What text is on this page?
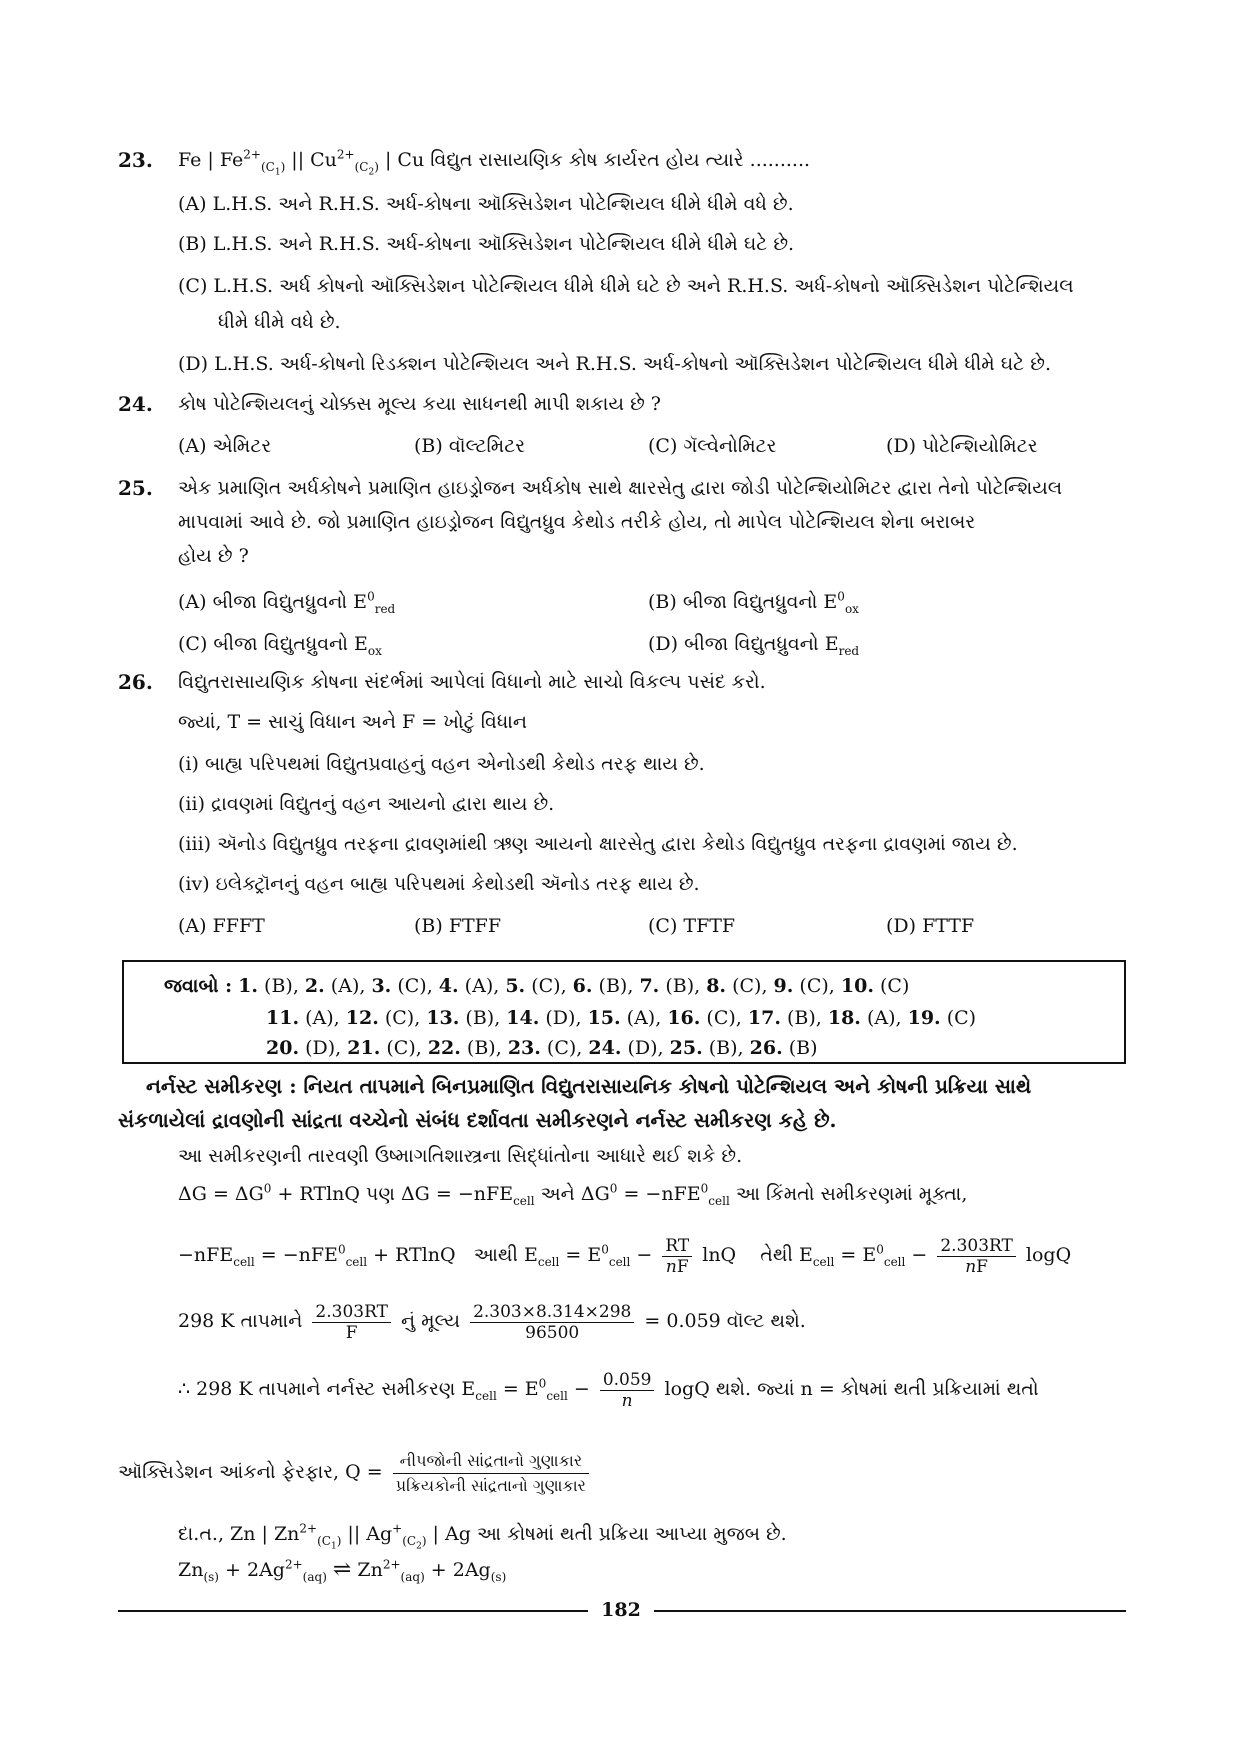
23. Fe | $Fe^{2+}_{(C_1)}$ || $Cu^{2+}_{(C_2)}$ | Cu વિદ્યુત રાસાયણિક કોષ કાર્યરત હોય ત્યારે ..........
(A) L.H.S. અને R.H.S. અર્ધ-કોષના ઑક્સિડેશન પોટેન્શિયલ ધીમે ધીમે વધે છે.
(B) L.H.S. અને R.H.S. અર્ધ-કોષના ઑક્સિડેશન પોટેન્શિયલ ધીમે ધીમે ઘટે છે.
(C) L.H.S. અર્ધ કોષનો ઑક્સિડેશન પોટેન્શિયલ ધીમે ધીમે ઘટે છે અને R.H.S. અર્ધ-કોષનો ઑક્સિડેશન પોટેન્શિયલ
ધીમે ધીમે વધે છે.
(D) L.H.S. અર્ધ-કોષનો રિડક્શન પોટેન્શિયલ અને R.H.S. અર્ધ-કોષનો ઑક્સિડેશન પોટેન્શિયલ ધીમે ધીમે ઘટે છે.
24. કોષ પોટેન્શિયલનું ચોક્કસ મૂલ્ય કયા સાધનથી માપી શકાય છે ?
(A) એમિટર	(B) વૉલ્ટમિટર	(C) ગૅલ્વેનોમિટર	(D) પોટેન્શિયોમિટર
25. એક પ્રમાણિત અર્ધકોષને પ્રમાણિત હાઇડ્રોજન અર્ધકોષ સાથે ક્ષારસેતુ દ્વારા જોડી પોટેન્શિયોમિટર દ્વારા તેનો પોટેન્શિયલ
માપવામાં આવે છે. જો પ્રમાણિત હાઇડ્રોજન વિદ્યુતધ્રુવ કેથોડ તરીકે હોય, તો માપેલ પોટેન્શિયલ શેના બરાબર
હોય છે ?
(A) બીજા વિદ્યુતધ્રુવનો $E^0_{red}$	(B) બીજા વિદ્યુતધ્રુવનો $E^0_{ox}$
(C) બીજા વિદ્યુતધ્રુવનો $E_{ox}$	(D) બીજા વિદ્યુતધ્રુવનો $E_{red}$
26. વિદ્યુતરાસાયણિક કોષના સંદર્ભમાં આપેલાં વિધાનો માટે સાચો વિકલ્પ પસંદ કરો.
જ્યાં, T = સાચું વિધાન અને F = ખોટું વિધાન
(i) બાહ્ય પરિપથમાં વિદ્યુતપ્રવાહનું વહન એનોડથી કેથોડ તરફ થાય છે.
(ii) દ્રાવણમાં વિદ્યુતનું વહન આયનો દ્વારા થાય છે.
(iii) ઍનોડ વિદ્યુતધ્રુવ તરફના દ્રાવણમાંથી ઋણ આયનો ક્ષારસેતુ દ્વારા કેથોડ વિદ્યુતધ્રુવ તરફના દ્રાવણમાં જાય છે.
(iv) ઇલેક્ટ્રૉનનું વહન બાહ્ય પરિપથમાં કેથોડથી ઍનોડ તરફ થાય છે.
(A) FFFT	(B) FTFF	(C) TFTF	(D) FTTF
જવાબો : 1. (B), 2. (A), 3. (C), 4. (A), 5. (C), 6. (B), 7. (B), 8. (C), 9. (C), 10. (C)
11. (A), 12. (C), 13. (B), 14. (D), 15. (A), 16. (C), 17. (B), 18. (A), 19. (C)
20. (D), 21. (C), 22. (B), 23. (C), 24. (D), 25. (B), 26. (B)
નર્નસ્ટ સમીકરણ : નિયત તાપમાને બિનપ્રમાણિત વિદ્યુતરાસાયનિક કોષનો પોટેન્શિયલ અને કોષની પ્રક્રિયા સાથે
સંકળાયેલાં દ્રાવણોની સાંદ્રતા વચ્ચેનો સંબંધ દર્શાવતા સમીકરણને નર્નસ્ટ સમીકરણ કહે છે.
આ સમીકરણની તારવણી ઉષ્માગતિશાસ્ત્રના સિદ્ધાંતોના આધારે થઈ શકે છે.
$\Delta G = \Delta G^0 + RTlnQ$ પણ ΔG = −nFE$_{cell}$ અને $\Delta G^0 = -nFE^0_{cell}$ આ કિંમતો સમીકરણમાં મૂક્તા,
−nFE$_{cell}$ = −nFE$^0_{cell}$ + RTlnQ   આથી $E_{cell} = E^0_{cell} - \frac{RT}{nF}$ lnQ    તેથી $E_{cell} = E^0_{cell} - \frac{2.303RT}{nF}$ logQ
298 K તાપમાને $\frac{2.303RT}{F}$ નું મૂલ્ય $\frac{2.303\times 8.314\times 298}{96500} = 0.059$ વૉલ્ટ થશે.
∴ 298 K તાપમાને નર્નસ્ટ સમીકરણ $E_{cell} = E^0_{cell} - \frac{0.059}{n}$ logQ થશે. જ્યાં n = કોષમાં થતી પ્રક્રિયામાં થતો
ઑક્સિડેશન આંકનો ફેરફાર, $Q = \frac{\text{નીપજોની સાંદ્રતાનો ગુણાકાર}}{\text{પ્રક્રિયકોની સાંદ્રતાનો ગુણાકાર}}$
દા.ત., Zn | $Zn^{2+}_{(C_1)}$ || $Ag^+_{(C_2)}$ | Ag આ કોષમાં થતી પ્રક્રિયા આપ્યા મુજબ છે.
$Zn_{(s)} + 2Ag^{2+}_{(aq)}$ ⇌ $Zn^{2+}_{(aq)} + 2Ag_{(s)}$
182
